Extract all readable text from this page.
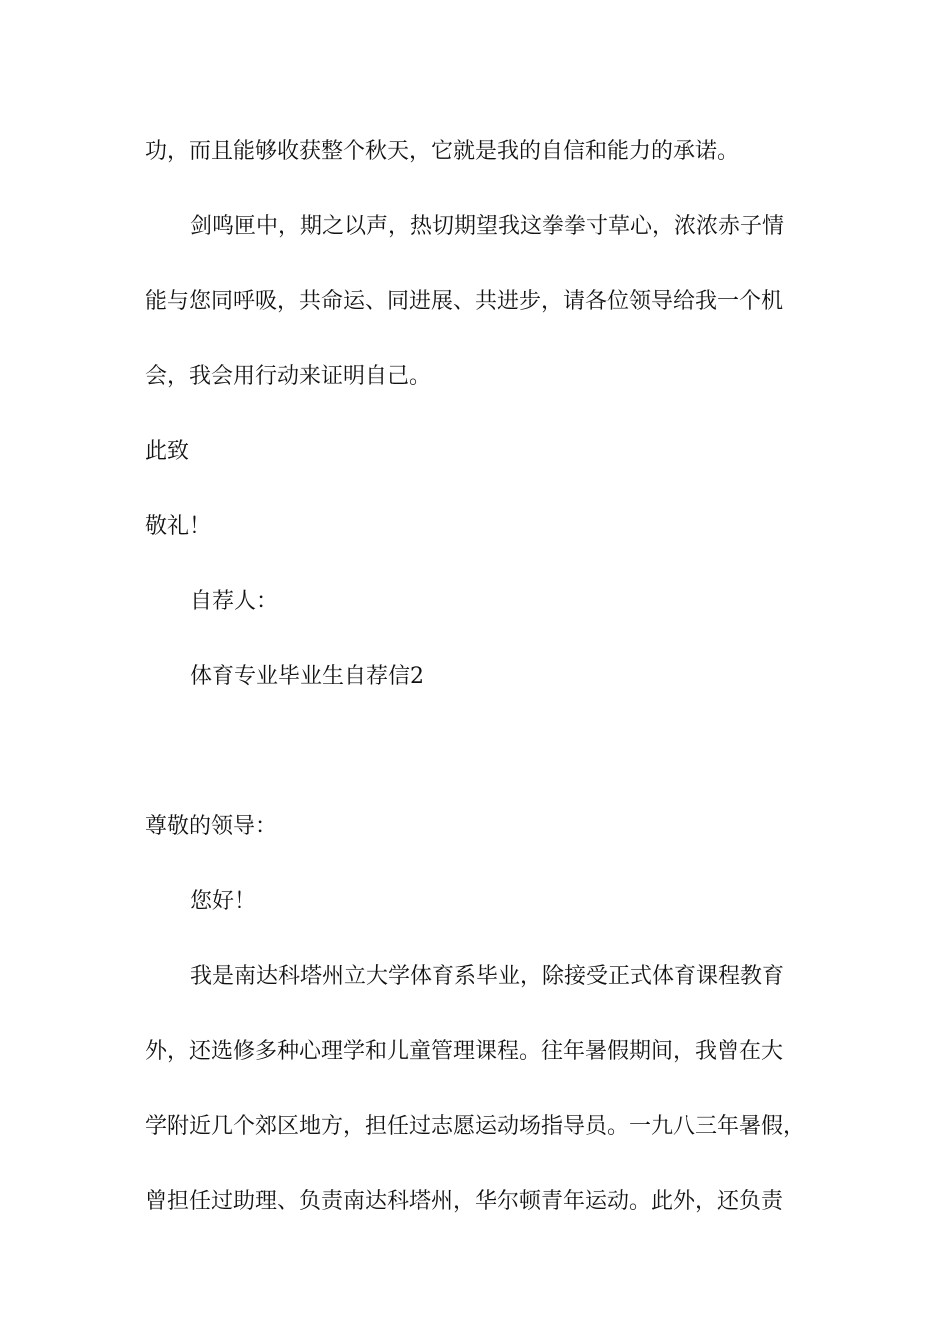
功，而且能够收获整个秋天，它就是我的自信和能力的承诺。
剑鸣匣中，期之以声，热切期望我这拳拳寸草心，浓浓赤子情
能与您同呼吸，共命运、同进展、共进步，请各位领导给我一个机
会，我会用行动来证明自己。
此致
敬礼！
自荐人：
体育专业毕业生自荐信2
尊敬的领导：
您好！
我是南达科塔州立大学体育系毕业，除接受正式体育课程教育
外，还选修多种心理学和儿童管理课程。往年暑假期间，我曾在大
学附近几个郊区地方，担任过志愿运动场指导员。一九八三年暑假，
曾担任过助理、负责南达科塔州，华尔顿青年运动。此外，还负责
